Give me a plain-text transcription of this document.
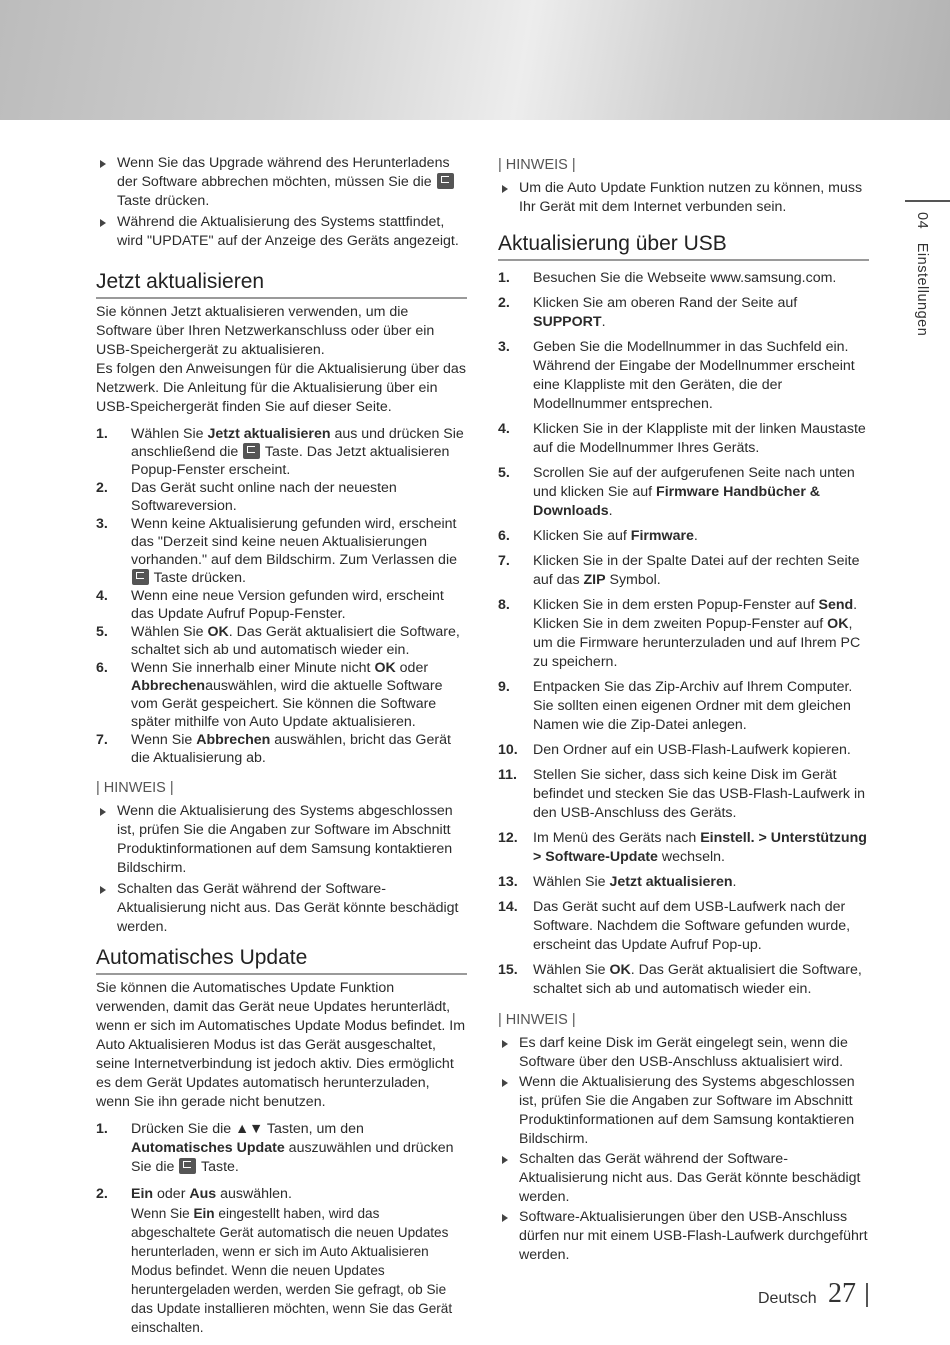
04   Einstellungen
Wenn Sie das Upgrade während des Herunterladens der Software abbrechen möchten, müssen Sie die  Taste drücken.
Während die Aktualisierung des Systems stattfindet, wird "UPDATE" auf der Anzeige des Geräts angezeigt.
Jetzt aktualisieren

Sie können Jetzt aktualisieren verwenden, um die Software über Ihren Netzwerkanschluss oder über ein USB-Speichergerät zu aktualisieren.

Es folgen den Anweisungen für die Aktualisierung über das Netzwerk. Die Anleitung für die Aktualisierung über ein USB-Speichergerät finden Sie auf dieser Seite.

1. Wählen Sie Jetzt aktualisieren aus und drücken Sie anschließend die  Taste. Das Jetzt aktualisieren Popup-Fenster erscheint.
2. Das Gerät sucht online nach der neuesten Softwareversion.
3. Wenn keine Aktualisierung gefunden wird, erscheint das "Derzeit sind keine neuen Aktualisierungen vorhanden." auf dem Bildschirm. Zum Verlassen die  Taste drücken.
4. Wenn eine neue Version gefunden wird, erscheint das Update Aufruf Popup-Fenster.
5. Wählen Sie OK. Das Gerät aktualisiert die Software, schaltet sich ab und automatisch wieder ein.
6. Wenn Sie innerhalb einer Minute nicht OK oder Abbrechenauswählen, wird die aktuelle Software vom Gerät gespeichert. Sie können die Software später mithilfe von Auto Update aktualisieren.
7. Wenn Sie Abbrechen auswählen, bricht das Gerät die Aktualisierung ab.

| HINWEIS |

Wenn die Aktualisierung des Systems abgeschlossen ist, prüfen Sie die Angaben zur Software im Abschnitt Produktinformationen auf dem Samsung kontaktieren Bildschirm.
Schalten das Gerät während der Software-Aktualisierung nicht aus. Das Gerät könnte beschädigt werden.
Automatisches Update

Sie können die Automatisches Update Funktion verwenden, damit das Gerät neue Updates herunterlädt, wenn er sich im Automatisches Update Modus befindet. Im Auto Aktualisieren Modus ist das Gerät ausgeschaltet, seine Internetverbindung ist jedoch aktiv. Dies ermöglicht es dem Gerät Updates automatisch herunterzuladen, wenn Sie ihn gerade nicht benutzen.

1. Drücken Sie die ▲▼ Tasten, um den Automatisches Update auszuwählen und drücken Sie die  Taste.
2. Ein oder Aus auswählen.
Wenn Sie Ein eingestellt haben, wird das abgeschaltete Gerät automatisch die neuen Updates herunterladen, wenn er sich im Auto Aktualisieren Modus befindet. Wenn die neuen Updates heruntergeladen werden, werden Sie gefragt, ob Sie das Update installieren möchten, wenn Sie das Gerät einschalten.

| HINWEIS |

Um die Auto Update Funktion nutzen zu können, muss Ihr Gerät mit dem Internet verbunden sein.
Aktualisierung über USB
1. Besuchen Sie die Webseite www.samsung.com.
2. Klicken Sie am oberen Rand der Seite auf SUPPORT.
3. Geben Sie die Modellnummer in das Suchfeld ein. Während der Eingabe der Modellnummer erscheint eine Klappliste mit den Geräten, die der Modellnummer entsprechen.
4. Klicken Sie in der Klappliste mit der linken Maustaste auf die Modellnummer Ihres Geräts.
5. Scrollen Sie auf der aufgerufenen Seite nach unten und klicken Sie auf Firmware Handbücher & Downloads.
6. Klicken Sie auf Firmware.
7. Klicken Sie in der Spalte Datei auf der rechten Seite auf das ZIP Symbol.
8. Klicken Sie in dem ersten Popup-Fenster auf Send. Klicken Sie in dem zweiten Popup-Fenster auf OK, um die Firmware herunterzuladen und auf Ihrem PC zu speichern.
9. Entpacken Sie das Zip-Archiv auf Ihrem Computer. Sie sollten einen eigenen Ordner mit dem gleichen Namen wie die Zip-Datei anlegen.
10. Den Ordner auf ein USB-Flash-Laufwerk kopieren.
11. Stellen Sie sicher, dass sich keine Disk im Gerät befindet und stecken Sie das USB-Flash-Laufwerk in den USB-Anschluss des Geräts.
12. Im Menü des Geräts nach Einstell. > Unterstützung > Software-Update wechseln.
13. Wählen Sie Jetzt aktualisieren.
14. Das Gerät sucht auf dem USB-Laufwerk nach der Software. Nachdem die Software gefunden wurde, erscheint das Update Aufruf Pop-up.
15. Wählen Sie OK. Das Gerät aktualisiert die Software, schaltet sich ab und automatisch wieder ein.

| HINWEIS |

Es darf keine Disk im Gerät eingelegt sein, wenn die Software über den USB-Anschluss aktualisiert wird.
Wenn die Aktualisierung des Systems abgeschlossen ist, prüfen Sie die Angaben zur Software im Abschnitt Produktinformationen auf dem Samsung kontaktieren Bildschirm.
Schalten das Gerät während der Software-Aktualisierung nicht aus. Das Gerät könnte beschädigt werden.
Software-Aktualisierungen über den USB-Anschluss dürfen nur mit einem USB-Flash-Laufwerk durchgeführt werden.
Deutsch 27
